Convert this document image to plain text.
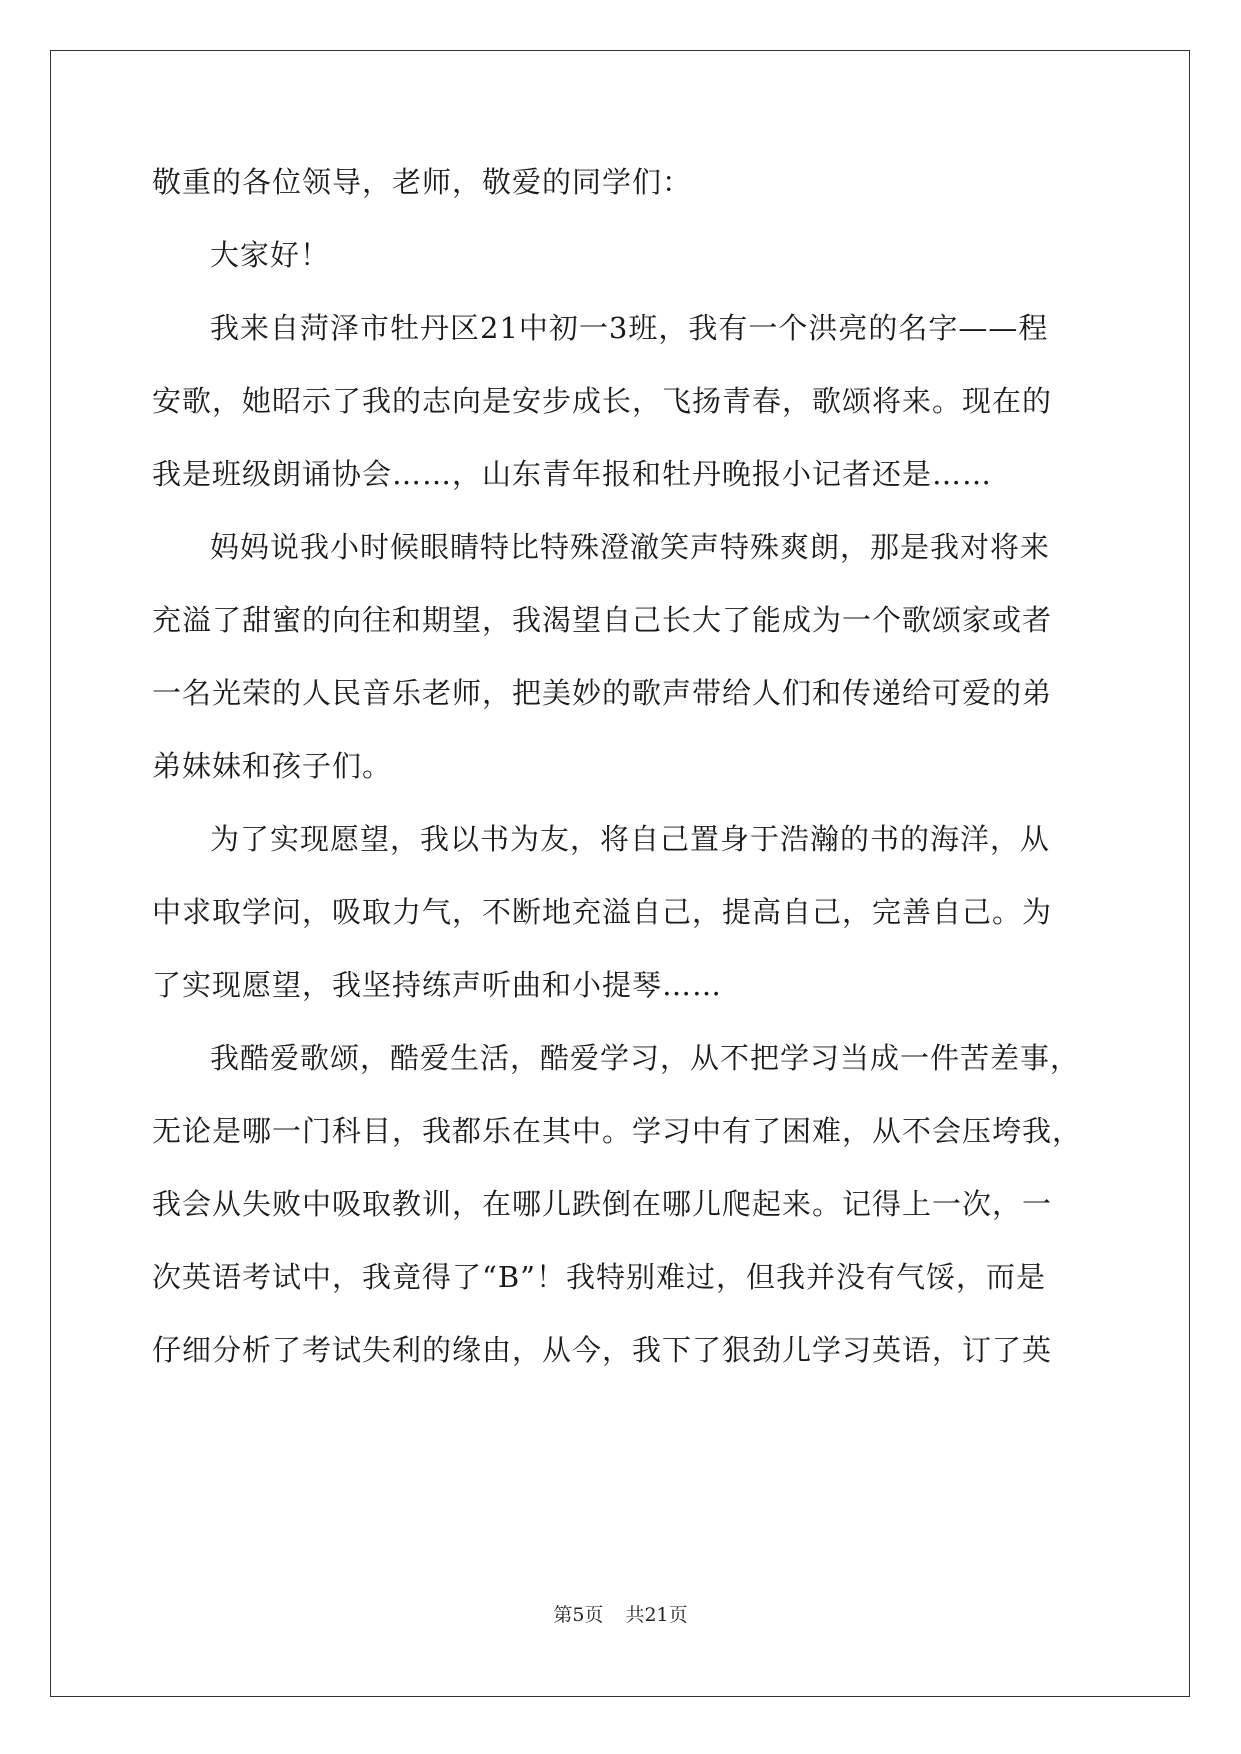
敬重的各位领导，老师，敬爱的同学们：
大家好！
我来自菏泽市牡丹区21中初一3班，我有一个洪亮的名字——程
安歌，她昭示了我的志向是安步成长，飞扬青春，歌颂将来。现在的
我是班级朗诵协会……，山东青年报和牡丹晚报小记者还是……
妈妈说我小时候眼睛特比特殊澄澈笑声特殊爽朗，那是我对将来
充溢了甜蜜的向往和期望，我渴望自己长大了能成为一个歌颂家或者
一名光荣的人民音乐老师，把美妙的歌声带给人们和传递给可爱的弟
弟妹妹和孩子们。
为了实现愿望，我以书为友，将自己置身于浩瀚的书的海洋，从
中求取学问，吸取力气，不断地充溢自己，提高自己，完善自己。为
了实现愿望，我坚持练声听曲和小提琴……
我酷爱歌颂，酷爱生活，酷爱学习，从不把学习当成一件苦差事，
无论是哪一门科目，我都乐在其中。学习中有了困难，从不会压垮我，
我会从失败中吸取教训，在哪儿跌倒在哪儿爬起来。记得上一次，一
次英语考试中，我竟得了“B”！我特别难过，但我并没有气馁，而是
仔细分析了考试失利的缘由，从今，我下了狠劲儿学习英语，订了英
第5页 共21页
